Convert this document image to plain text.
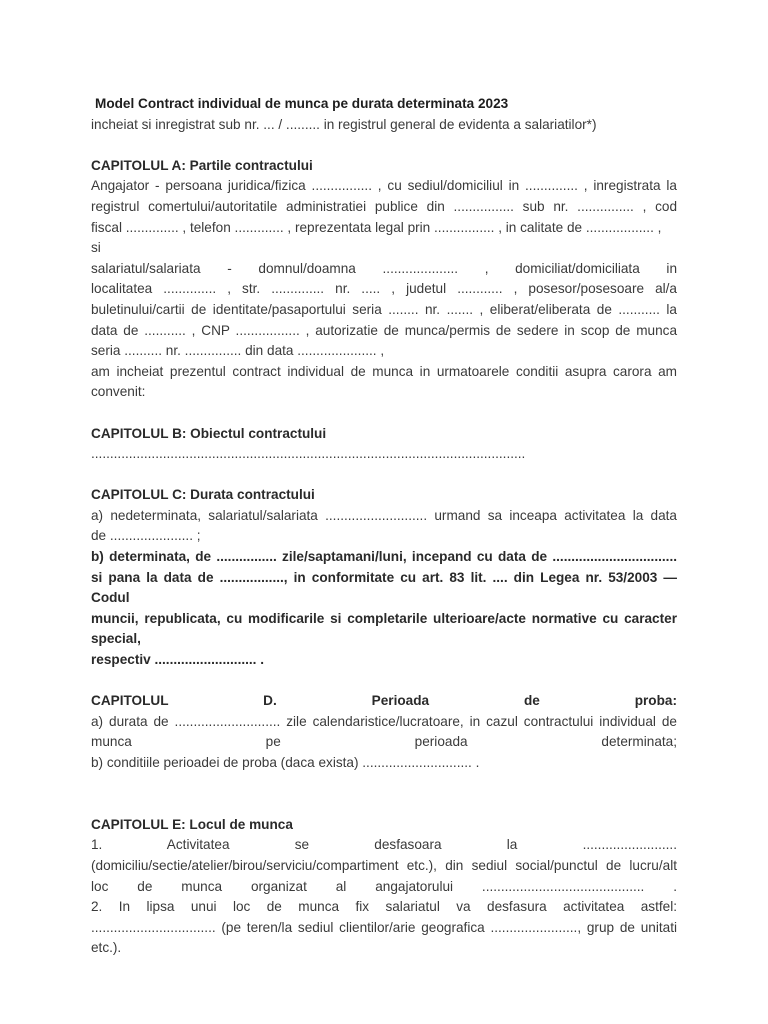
Model Contract individual de munca pe durata determinata 2023
incheiat si inregistrat sub nr. ... / ......... in registrul general de evidenta a salariatilor*)
CAPITOLUL A: Partile contractului
Angajator - persoana juridica/fizica ................ , cu sediul/domiciliul in .............. , inregistrata la
registrul comertului/autoritatile administratiei publice din ................ sub nr. ............... , cod
fiscal .............. , telefon ............. , reprezentata legal prin ................ , in calitate de .................. ,
si
salariatul/salariata - domnul/doamna .................... , domiciliat/domiciliata in
localitatea .............. , str. .............. nr. ..... , judetul ............ , posesor/posesoare al/a
buletinului/cartii de identitate/pasaportului seria ........ nr. ....... , eliberat/eliberata de ........... la
data de ........... , CNP ................. , autorizatie de munca/permis de sedere in scop de munca
seria .......... nr. ............... din data ..................... ,
am incheiat prezentul contract individual de munca in urmatoarele conditii asupra carora am
convenit:
CAPITOLUL B: Obiectul contractului
...................................................................................................................
CAPITOLUL C: Durata contractului
a) nedeterminata, salariatul/salariata ........................... urmand sa inceapa activitatea la data
de ...................... ;
b) determinata, de ................ zile/saptamani/luni, incepand cu data de .................................
si pana la data de ................., in conformitate cu art. 83 lit. .... din Legea nr. 53/2003 — Codul
muncii, republicata, cu modificarile si completarile ulterioare/acte normative cu caracter special,
respectiv ........................... .
CAPITOLUL D. Perioada de proba:
a) durata de ............................ zile calendaristice/lucratoare, in cazul contractului individual de
munca pe perioada determinata;
b) conditiile perioadei de proba (daca exista) ............................. .
CAPITOLUL E: Locul de munca
1. Activitatea se desfasoara la .........................
(domiciliu/sectie/atelier/birou/serviciu/compartiment etc.), din sediul social/punctul de lucru/alt
loc de munca organizat al angajatorului ........................................... .
2. In lipsa unui loc de munca fix salariatul va desfasura activitatea astfel:
................................. (pe teren/la sediul clientilor/arie geografica ......................., grup de unitati
etc.).
